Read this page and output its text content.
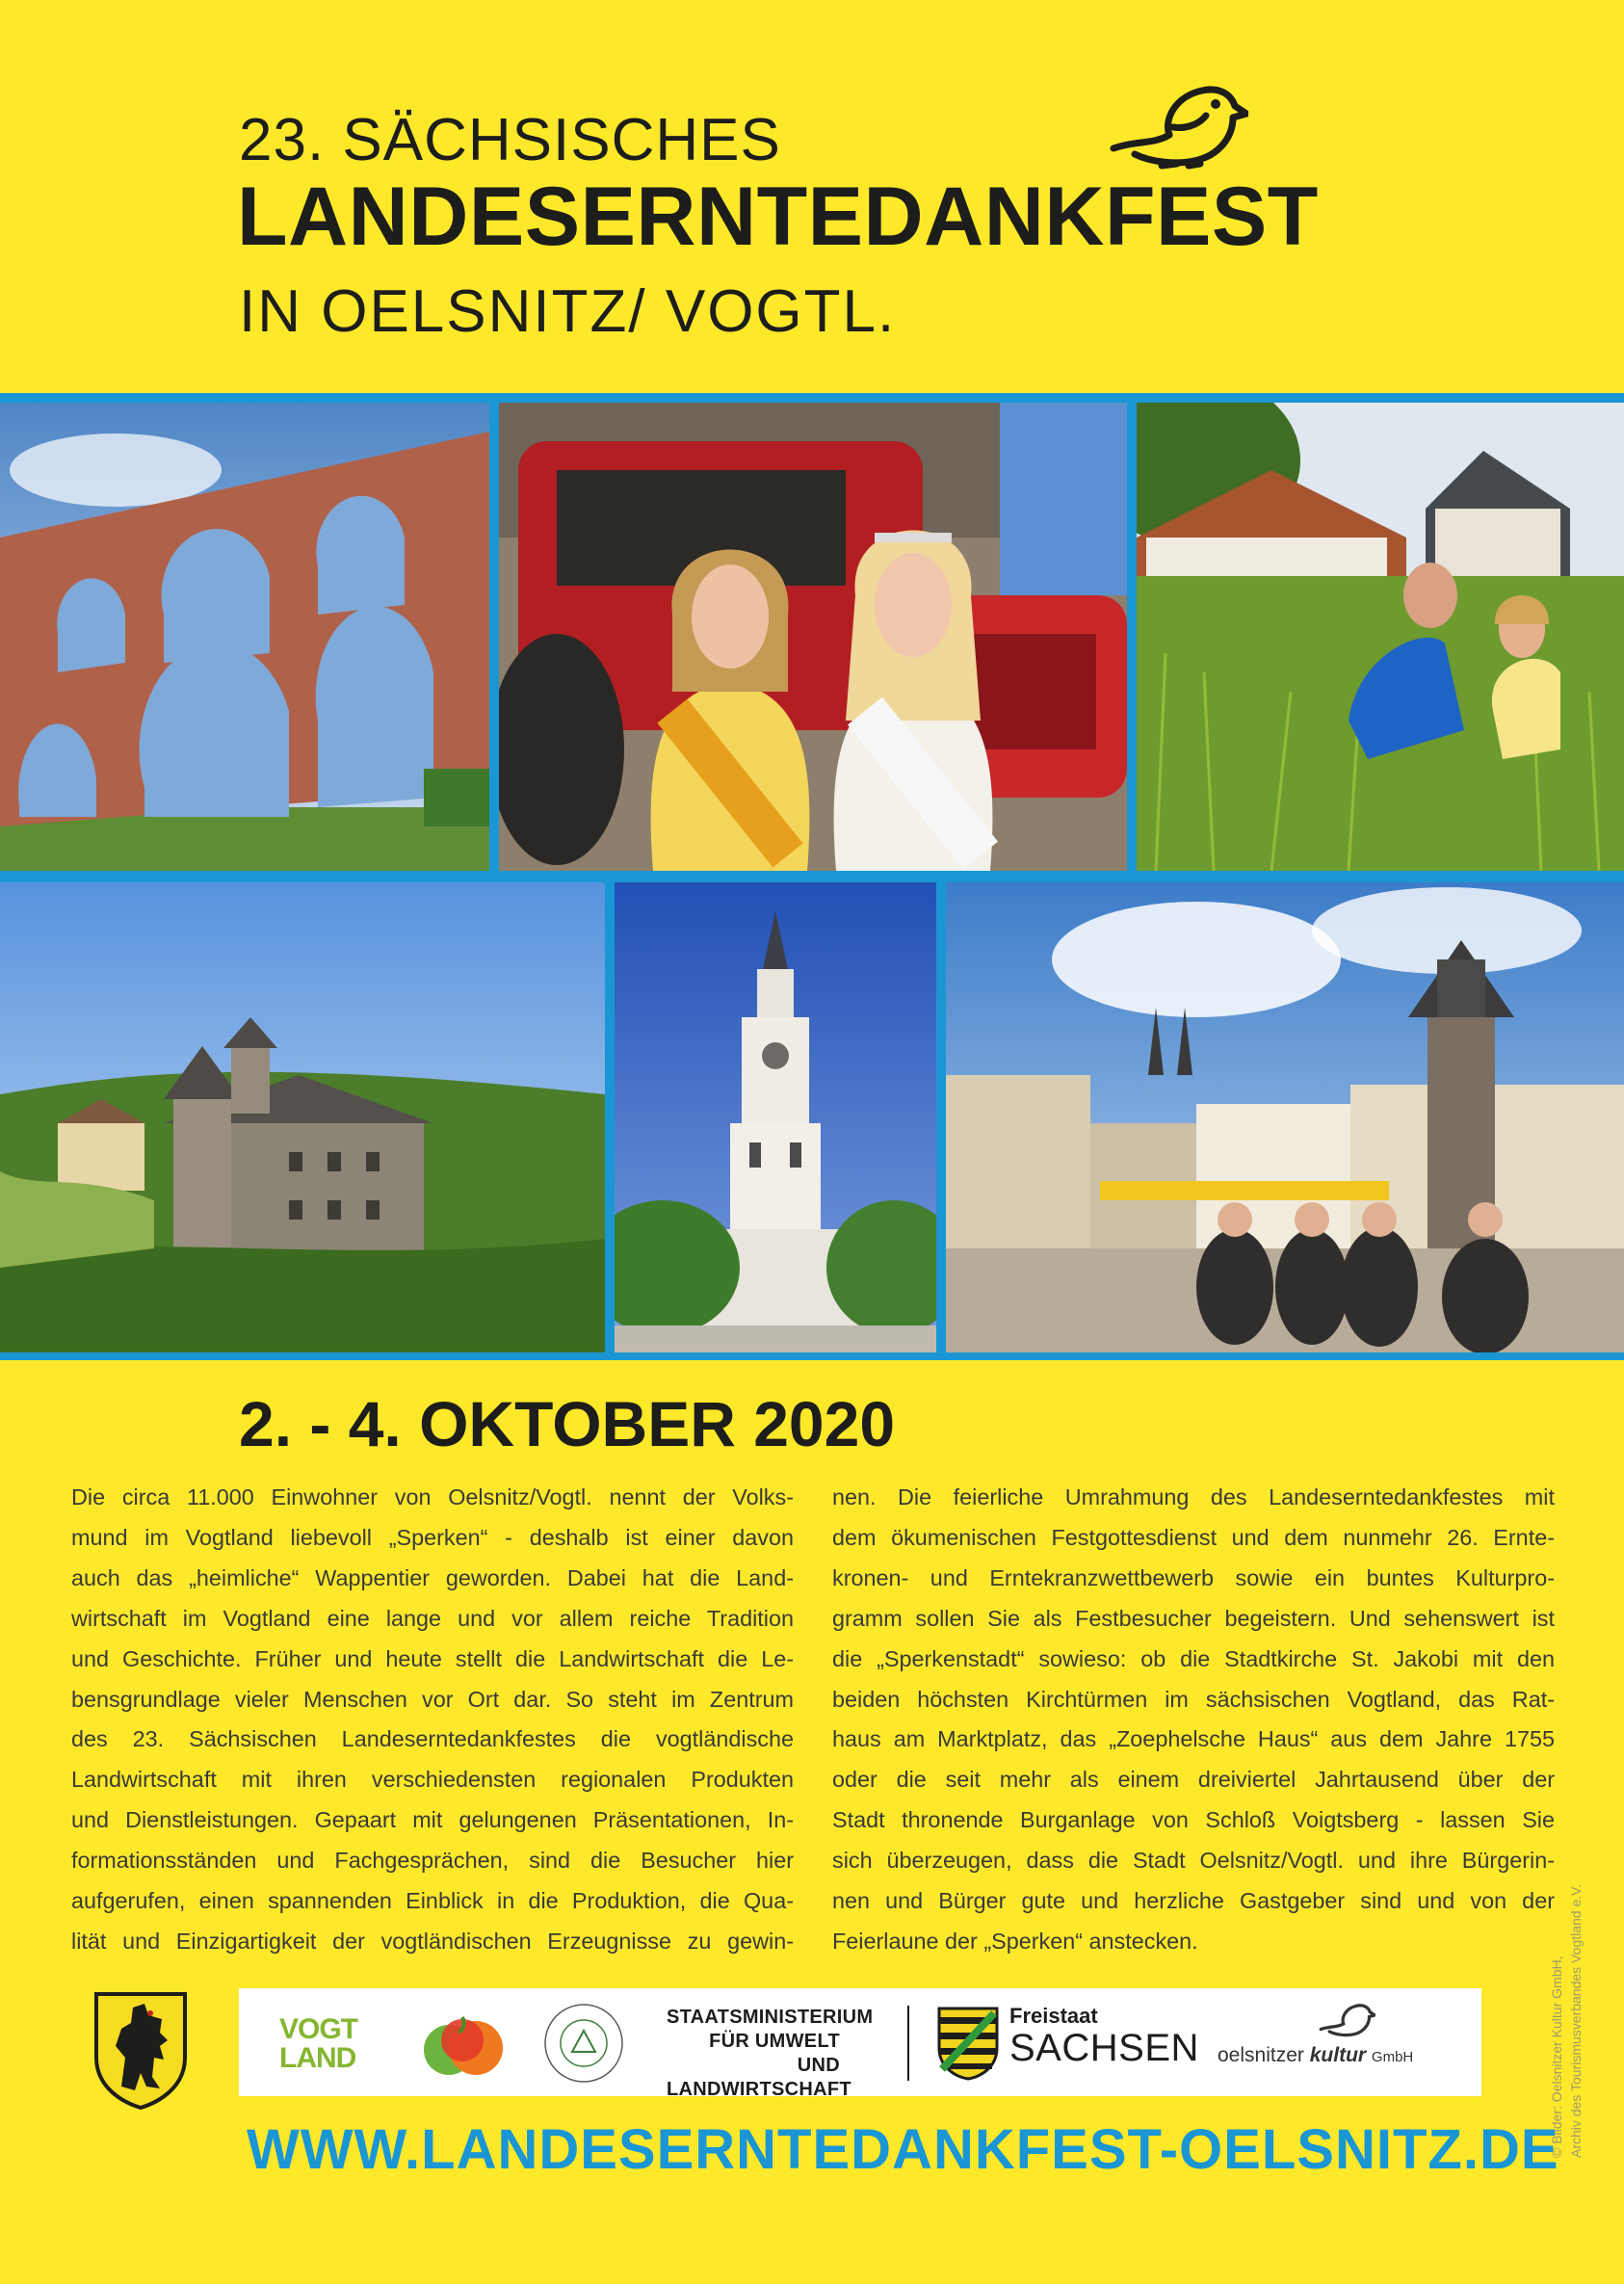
23. SÄCHSISCHES
LANDESERNTEDANKFEST
IN OELSNITZ/ VOGTL.
2. - 4. OKTOBER 2020
Die circa 11.000 Einwohner von Oelsnitz/Vogtl. nennt der Volks-
mund im Vogtland liebevoll „Sperken“ - deshalb ist einer davon
auch das „heimliche“ Wappentier geworden. Dabei hat die Land-
wirtschaft im Vogtland eine lange und vor allem reiche Tradition
und Geschichte. Früher und heute stellt die Landwirtschaft die Le-
bensgrundlage vieler Menschen vor Ort dar. So steht im Zentrum
des 23. Sächsischen Landeserntedankfestes die vogtländische
Landwirtschaft mit ihren verschiedensten regionalen Produkten
und Dienstleistungen. Gepaart mit gelungenen Präsentationen, In-
formationsständen und Fachgesprächen, sind die Besucher hier
aufgerufen, einen spannenden Einblick in die Produktion, die Qua-
lität und Einzigartigkeit der vogtländischen Erzeugnisse zu gewin-
nen. Die feierliche Umrahmung des Landeserntedankfestes mit
dem ökumenischen Festgottesdienst und dem nunmehr 26. Ernte-
kronen- und Erntekranzwettbewerb sowie ein buntes Kulturpro-
gramm sollen Sie als Festbesucher begeistern. Und sehenswert ist
die „Sperkenstadt“ sowieso: ob die Stadtkirche St. Jakobi mit den
beiden höchsten Kirchtürmen im sächsischen Vogtland, das Rat-
haus am Marktplatz, das „Zoephelsche Haus“ aus dem Jahre 1755
oder die seit mehr als einem dreiviertel Jahrtausend über der
Stadt thronende Burganlage von Schloß Voigtsberg - lassen Sie
sich überzeugen, dass die Stadt Oelsnitz/Vogtl. und ihre Bürgerin-
nen und Bürger gute und herzliche Gastgeber sind und von der
Feierlaune der „Sperken“ anstecken.
© Bilder: Oelsnitzer Kultur GmbH, Archiv des Tourismusverbandes Vogtland e.V.
VOGT
LAND
STAATSMINISTERIUM
FÜR UMWELT UND
LANDWIRTSCHAFT
Freistaat
SACHSEN oelsnitzer kultur GmbH
WWW.LANDESERNTEDANKFEST-OELSNITZ.DE
